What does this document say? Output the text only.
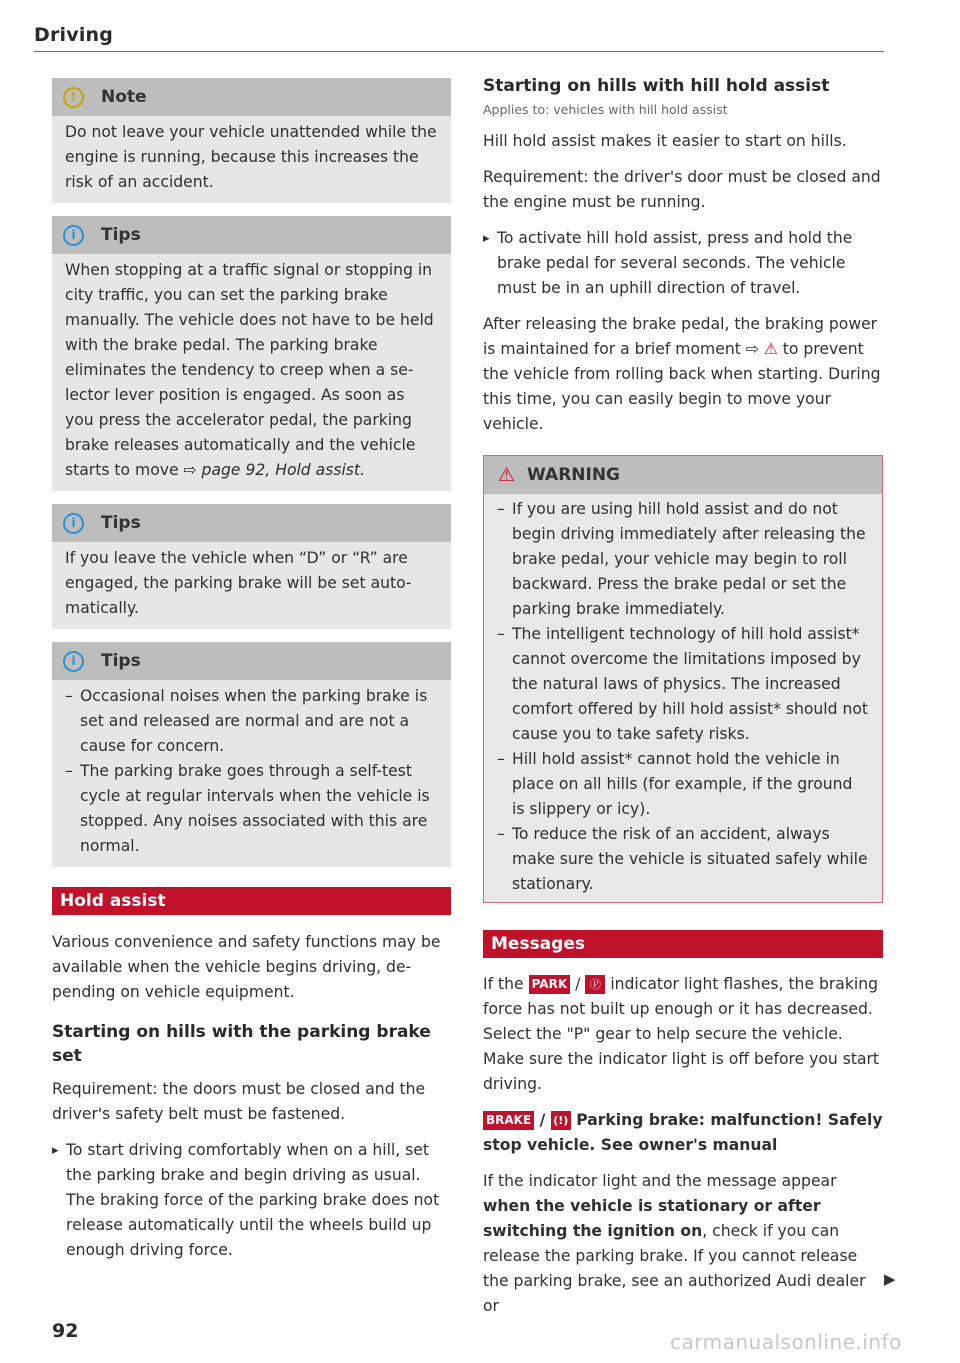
Driving
!	Note
Do not leave your vehicle unattended while the engine is running, because this increases the risk of an accident.
i	Tips
When stopping at a traffic signal or stopping in city traffic, you can set the parking brake manually. The vehicle does not have to be held with the brake pedal. The parking brake eliminates the tendency to creep when a selector lever position is engaged. As soon as you press the accelerator pedal, the parking brake releases automatically and the vehicle starts to move ⇨ page 92, Hold assist.
i	Tips
If you leave the vehicle when “D” or “R” are engaged, the parking brake will be set automatically.
i	Tips
– Occasional noises when the parking brake is set and released are normal and are not a cause for concern.
– The parking brake goes through a self-test cycle at regular intervals when the vehicle is stopped. Any noises associated with this are normal.
Hold assist
Various convenience and safety functions may be available when the vehicle begins driving, depending on vehicle equipment.
Starting on hills with the parking brake set
Requirement: the doors must be closed and the driver's safety belt must be fastened.
▸ To start driving comfortably when on a hill, set the parking brake and begin driving as usual. The braking force of the parking brake does not release automatically until the wheels build up enough driving force.
Starting on hills with hill hold assist
Applies to: vehicles with hill hold assist
Hill hold assist makes it easier to start on hills.
Requirement: the driver's door must be closed and the engine must be running.
▸ To activate hill hold assist, press and hold the brake pedal for several seconds. The vehicle must be in an uphill direction of travel.
After releasing the brake pedal, the braking power is maintained for a brief moment ⇨ ⚠ to prevent the vehicle from rolling back when starting. During this time, you can easily begin to move your vehicle.
⚠ WARNING
– If you are using hill hold assist and do not begin driving immediately after releasing the brake pedal, your vehicle may begin to roll backward. Press the brake pedal or set the parking brake immediately.
– The intelligent technology of hill hold assist* cannot overcome the limitations imposed by the natural laws of physics. The increased comfort offered by hill hold assist* should not cause you to take safety risks.
– Hill hold assist* cannot hold the vehicle in place on all hills (for example, if the ground is slippery or icy).
– To reduce the risk of an accident, always make sure the vehicle is situated safely while stationary.
Messages
If the PARK / Ⓟ indicator light flashes, the braking force has not built up enough or it has decreased. Select the "P" gear to help secure the vehicle. Make sure the indicator light is off before you start driving.
BRAKE / (!) Parking brake: malfunction! Safely stop vehicle. See owner's manual
If the indicator light and the message appear when the vehicle is stationary or after switching the ignition on, check if you can release the parking brake. If you cannot release the parking brake, see an authorized Audi dealer or
▶
92	carmanualsonline.info
